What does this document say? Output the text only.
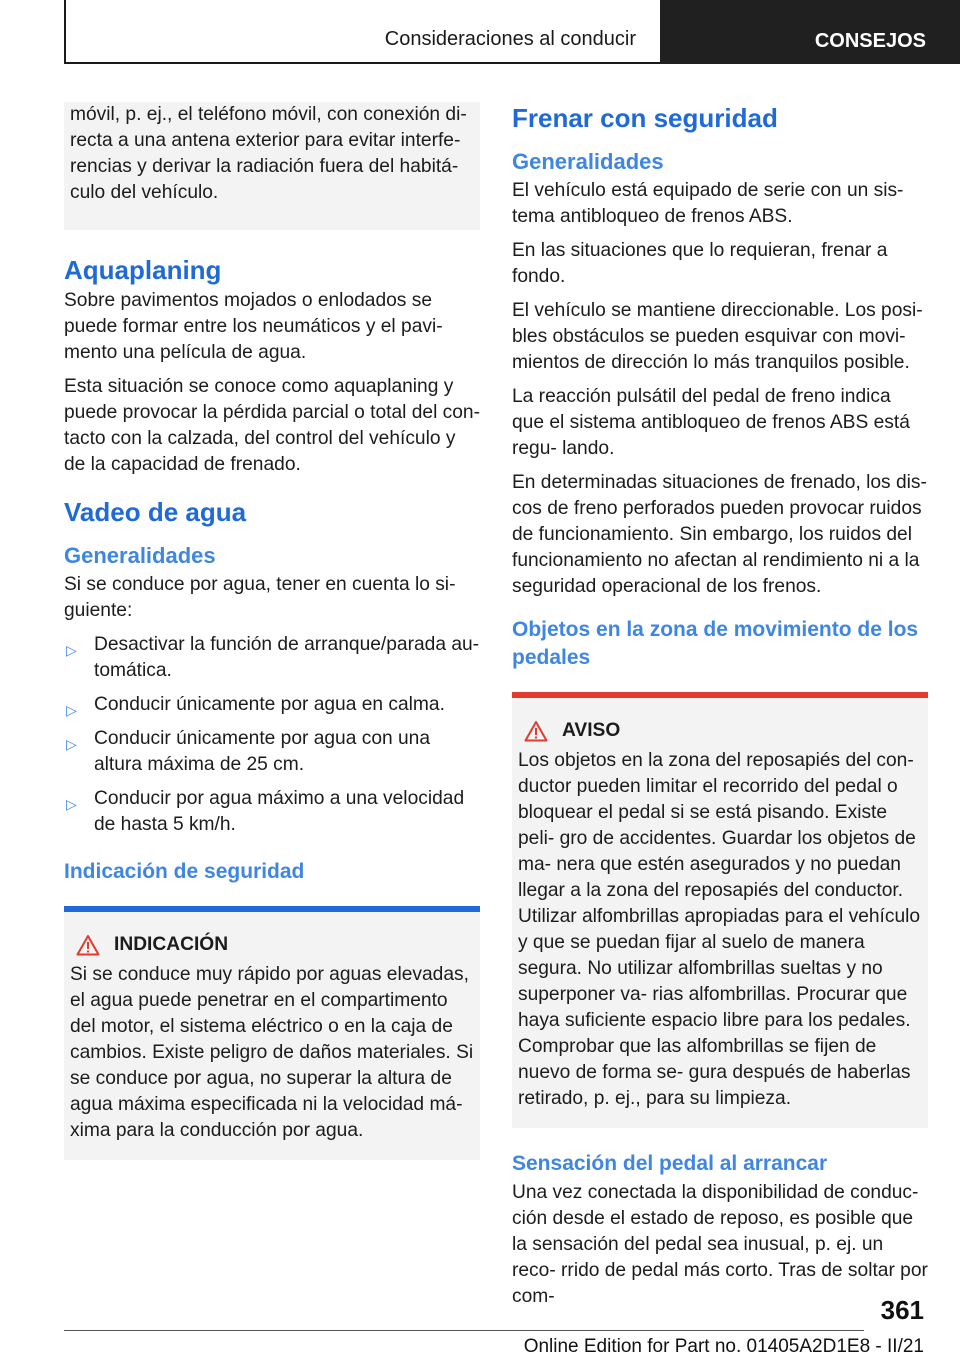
Consideraciones al conducir	CONSEJOS

móvil, p. ej., el teléfono móvil, con conexión di- recta a una antena exterior para evitar interfe- rencias y derivar la radiación fuera del habitá- culo del vehículo.

Aquaplaning

Sobre pavimentos mojados o enlodados se puede formar entre los neumáticos y el pavi- mento una película de agua.

Esta situación se conoce como aquaplaning y puede provocar la pérdida parcial o total del con- tacto con la calzada, del control del vehículo y de la capacidad de frenado.

Vadeo de agua
Generalidades

Si se conduce por agua, tener en cuenta lo si- guiente:

▷ Desactivar la función de arranque/parada au- tomática.
▷ Conducir únicamente por agua en calma.
▷ Conducir únicamente por agua con una altura máxima de 25 cm.
▷ Conducir por agua máximo a una velocidad de hasta 5 km/h.
Indicación de seguridad
INDICACIÓN

Si se conduce muy rápido por aguas elevadas, el agua puede penetrar en el compartimento del motor, el sistema eléctrico o en la caja de cambios. Existe peligro de daños materiales. Si se conduce por agua, no superar la altura de agua máxima especificada ni la velocidad má- xima para la conducción por agua.

Frenar con seguridad
Generalidades

El vehículo está equipado de serie con un sis- tema antibloqueo de frenos ABS.

En las situaciones que lo requieran, frenar a fondo.

El vehículo se mantiene direccionable. Los posi- bles obstáculos se pueden esquivar con movi- mientos de dirección lo más tranquilos posible.

La reacción pulsátil del pedal de freno indica que el sistema antibloqueo de frenos ABS está regu- lando.

En determinadas situaciones de frenado, los dis- cos de freno perforados pueden provocar ruidos de funcionamiento. Sin embargo, los ruidos del funcionamiento no afectan al rendimiento ni a la seguridad operacional de los frenos.

Objetos en la zona de movimiento de los pedales
AVISO

Los objetos en la zona del reposapiés del con- ductor pueden limitar el recorrido del pedal o bloquear el pedal si se está pisando. Existe peli- gro de accidentes. Guardar los objetos de ma- nera que estén asegurados y no puedan llegar a la zona del reposapiés del conductor. Utilizar alfombrillas apropiadas para el vehículo y que se puedan fijar al suelo de manera segura. No utilizar alfombrillas sueltas y no superponer va- rias alfombrillas. Procurar que haya suficiente espacio libre para los pedales. Comprobar que las alfombrillas se fijen de nuevo de forma se- gura después de haberlas retirado, p. ej., para su limpieza.

Sensación del pedal al arrancar

Una vez conectada la disponibilidad de conduc- ción desde el estado de reposo, es posible que la sensación del pedal sea inusual, p. ej. un reco- rrido de pedal más corto. Tras de soltar por com-	361
Online Edition for Part no. 01405A2D1E8 - II/21
